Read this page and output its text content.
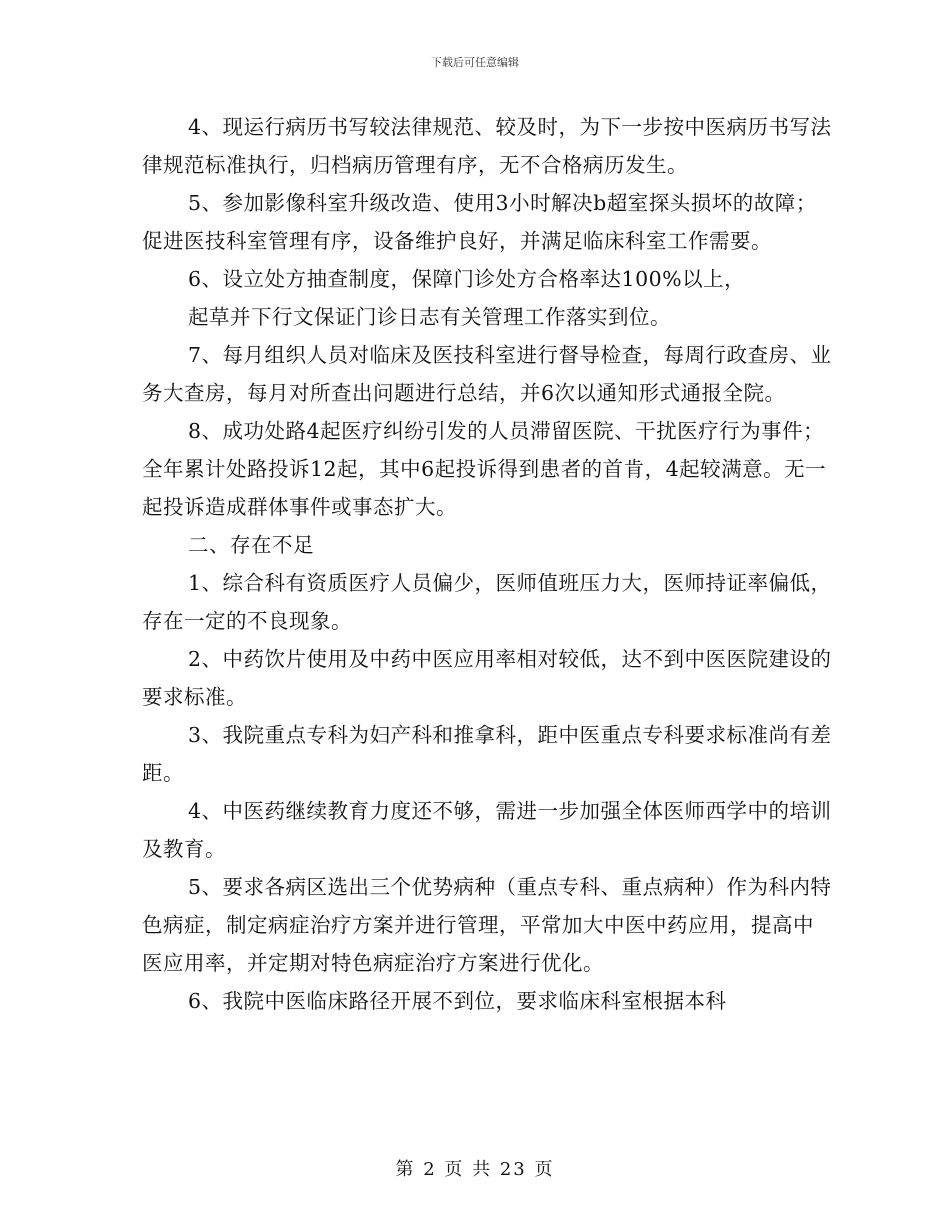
下载后可任意编辑

4、现运行病历书写较法律规范、较及时，为下一步按中医病历书写法律规范标准执行，归档病历管理有序，无不合格病历发生。

5、参加影像科室升级改造、使用3小时解决b超室探头损坏的故障；促进医技科室管理有序，设备维护良好，并满足临床科室工作需要。

6、设立处方抽查制度，保障门诊处方合格率达100%以上，

起草并下行文保证门诊日志有关管理工作落实到位。

7、每月组织人员对临床及医技科室进行督导检查，每周行政查房、业务大查房，每月对所查出问题进行总结，并6次以通知形式通报全院。

8、成功处路4起医疗纠纷引发的人员滞留医院、干扰医疗行为事件；全年累计处路投诉12起，其中6起投诉得到患者的首肯，4起较满意。无一起投诉造成群体事件或事态扩大。

二、存在不足

1、综合科有资质医疗人员偏少，医师值班压力大，医师持证率偏低，存在一定的不良现象。

2、中药饮片使用及中药中医应用率相对较低，达不到中医医院建设的要求标准。

3、我院重点专科为妇产科和推拿科，距中医重点专科要求标准尚有差距。

4、中医药继续教育力度还不够，需进一步加强全体医师西学中的培训及教育。

5、要求各病区选出三个优势病种（重点专科、重点病种）作为科内特色病症，制定病症治疗方案并进行管理，平常加大中医中药应用，提高中医应用率，并定期对特色病症治疗方案进行优化。

6、我院中医临床路径开展不到位，要求临床科室根据本科

第 2 页 共 23 页
